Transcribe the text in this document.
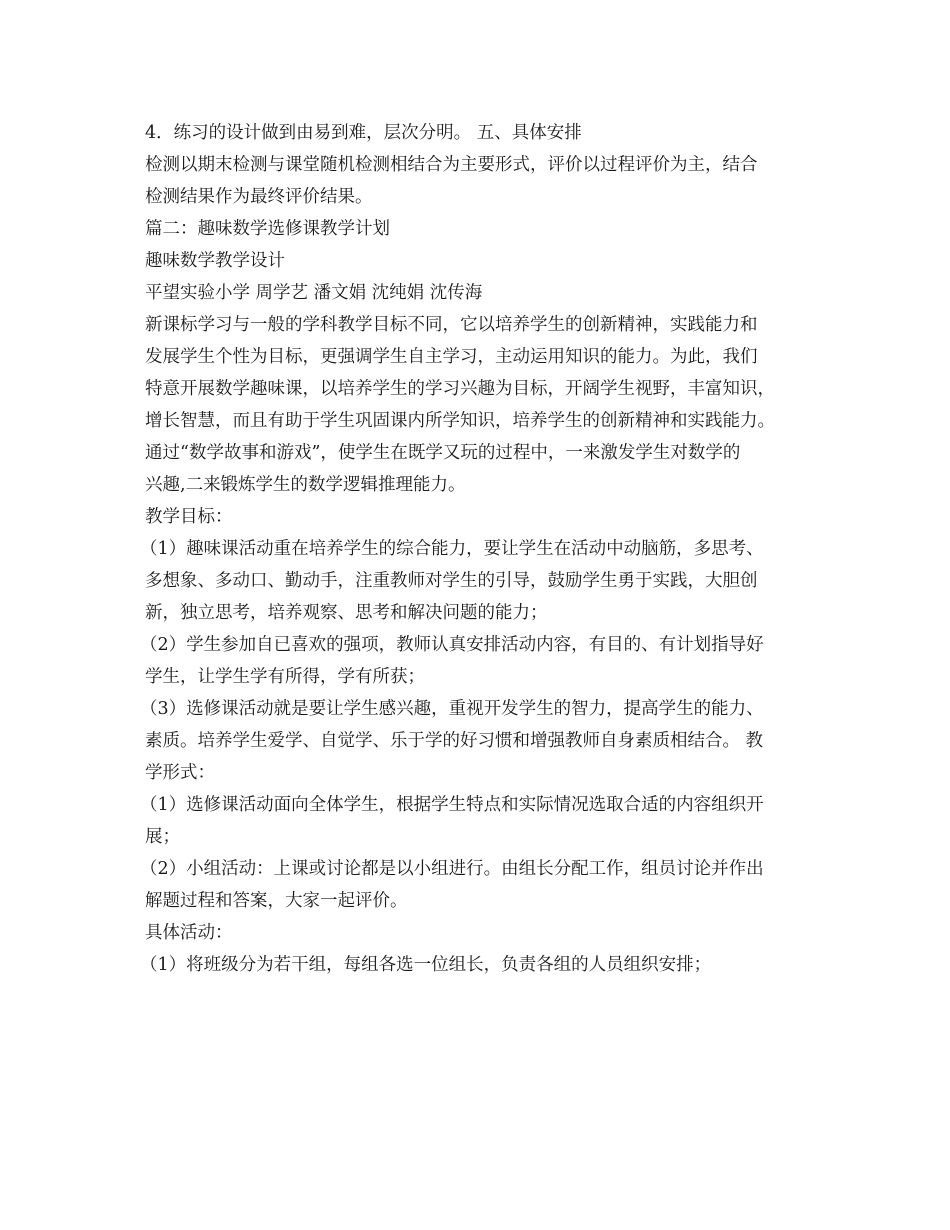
4．练习的设计做到由易到难，层次分明。 五、具体安排
检测以期末检测与课堂随机检测相结合为主要形式，评价以过程评价为主，结合
检测结果作为最终评价结果。
篇二：趣味数学选修课教学计划
趣味数学教学设计
平望实验小学 周学艺 潘文娟 沈纯娟 沈传海
新课标学习与一般的学科教学目标不同，它以培养学生的创新精神，实践能力和
发展学生个性为目标，更强调学生自主学习，主动运用知识的能力。为此，我们
特意开展数学趣味课，以培养学生的学习兴趣为目标，开阔学生视野，丰富知识，
增长智慧，而且有助于学生巩固课内所学知识，培养学生的创新精神和实践能力。
通过“数学故事和游戏”，使学生在既学又玩的过程中，一来激发学生对数学的
兴趣,二来锻炼学生的数学逻辑推理能力。
教学目标：
（1）趣味课活动重在培养学生的综合能力，要让学生在活动中动脑筋，多思考、
多想象、多动口、勤动手，注重教师对学生的引导，鼓励学生勇于实践，大胆创
新，独立思考，培养观察、思考和解决问题的能力；
（2）学生参加自已喜欢的强项，教师认真安排活动内容，有目的、有计划指导好
学生，让学生学有所得，学有所获；
（3）选修课活动就是要让学生感兴趣，重视开发学生的智力，提高学生的能力、
素质。培养学生爱学、自觉学、乐于学的好习惯和增强教师自身素质相结合。 教
学形式：
（1）选修课活动面向全体学生，根据学生特点和实际情况选取合适的内容组织开
展；
（2）小组活动：上课或讨论都是以小组进行。由组长分配工作，组员讨论并作出
解题过程和答案，大家一起评价。
具体活动：
（1）将班级分为若干组，每组各选一位组长，负责各组的人员组织安排；
